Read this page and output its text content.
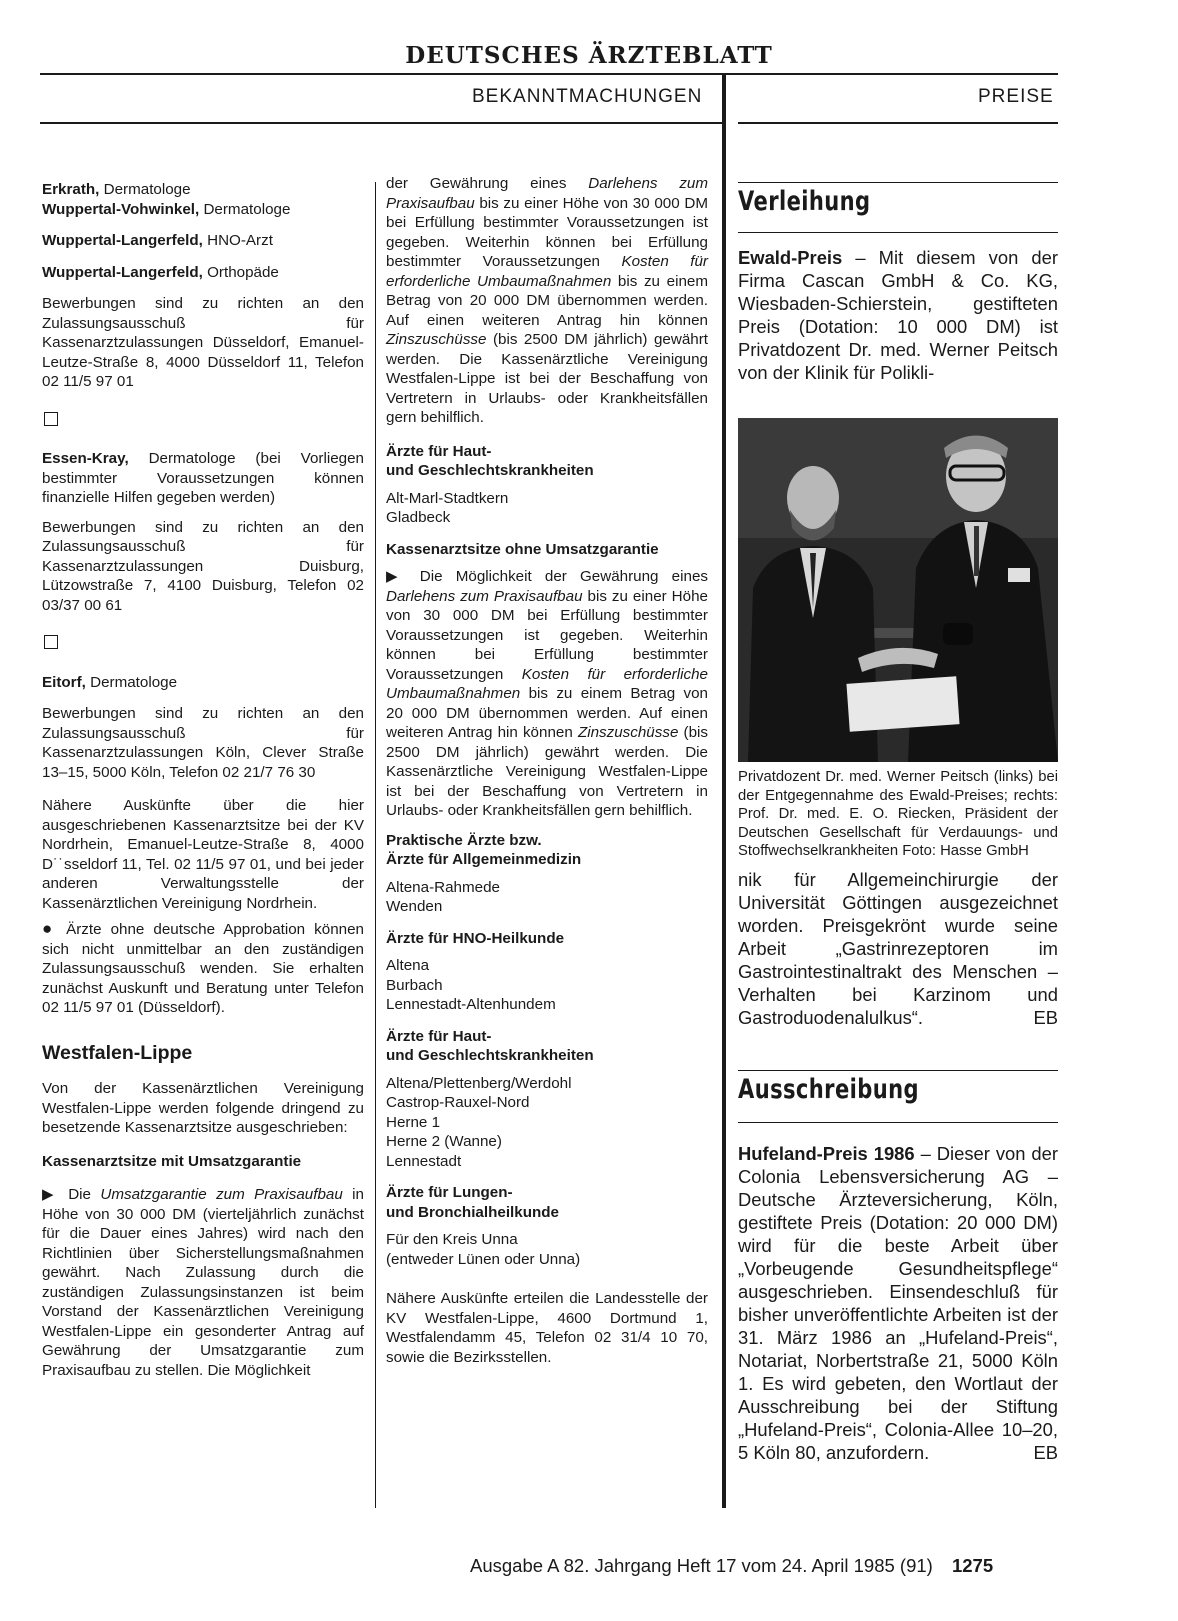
DEUTSCHES ÄRZTEBLATT
BEKANNTMACHUNGEN	PREISE

Erkrath, Dermatologe

Wuppertal-Vohwinkel, Dermatologe

Wuppertal-Langerfeld, HNO-Arzt

Wuppertal-Langerfeld, Orthopäde

Bewerbungen sind zu richten an den Zulassungsausschuß für Kassenarztzulassungen Düsseldorf, Emanuel-Leutze-Straße 8, 4000 Düsseldorf 11, Telefon 02 11/5 97 01

Essen-Kray, Dermatologe (bei Vorliegen bestimmter Voraussetzungen können finanzielle Hilfen gegeben werden)

Bewerbungen sind zu richten an den Zulassungsausschuß für Kassenarztzulassungen Duisburg, Lützowstraße 7, 4100 Duisburg, Telefon 02 03/37 00 61

Eitorf, Dermatologe

Bewerbungen sind zu richten an den Zulassungsausschuß für Kassenarztzulassungen Köln, Clever Straße 13–15, 5000 Köln, Telefon 02 21/7 76 30

Nähere Auskünfte über die hier ausgeschriebenen Kassenarztsitze bei der KV Nordrhein, Emanuel-Leutze-Straße 8, 4000 D˙˙sseldorf 11, Tel. 02 11/5 97 01, und bei jeder anderen Verwaltungsstelle der Kassenärztlichen Vereinigung Nordrhein.

● Ärzte ohne deutsche Approbation können sich nicht unmittelbar an den zuständigen Zulassungsausschuß wenden. Sie erhalten zunächst Auskunft und Beratung unter Telefon 02 11/5 97 01 (Düsseldorf).

Westfalen-Lippe

Von der Kassenärztlichen Vereinigung Westfalen-Lippe werden folgende dringend zu besetzende Kassenarztsitze ausgeschrieben:

Kassenarztsitze mit Umsatzgarantie

▶ Die Umsatzgarantie zum Praxisaufbau in Höhe von 30 000 DM (vierteljährlich zunächst für die Dauer eines Jahres) wird nach den Richtlinien über Sicherstellungsmaßnahmen gewährt. Nach Zulassung durch die zuständigen Zulassungsinstanzen ist beim Vorstand der Kassenärztlichen Vereinigung Westfalen-Lippe ein gesonderter Antrag auf Gewährung der Umsatzgarantie zum Praxisaufbau zu stellen. Die Möglichkeit

der Gewährung eines Darlehens zum Praxisaufbau bis zu einer Höhe von 30 000 DM bei Erfüllung bestimmter Voraussetzungen ist gegeben. Weiterhin können bei Erfüllung bestimmter Voraussetzungen Kosten für erforderliche Umbaumaßnahmen bis zu einem Betrag von 20 000 DM übernommen werden. Auf einen weiteren Antrag hin können Zinszuschüsse (bis 2500 DM jährlich) gewährt werden. Die Kassenärztliche Vereinigung Westfalen-Lippe ist bei der Beschaffung von Vertretern in Urlaubs- oder Krankheitsfällen gern behilflich.

Ärzte für Haut-
und Geschlechtskrankheiten

Alt-Marl-Stadtkern

Gladbeck

Kassenarztsitze ohne Umsatzgarantie

▶ Die Möglichkeit der Gewährung eines Darlehens zum Praxisaufbau bis zu einer Höhe von 30 000 DM bei Erfüllung bestimmter Voraussetzungen ist gegeben. Weiterhin können bei Erfüllung bestimmter Voraussetzungen Kosten für erforderliche Umbaumaßnahmen bis zu einem Betrag von 20 000 DM übernommen werden. Auf einen weiteren Antrag hin können Zinszuschüsse (bis 2500 DM jährlich) gewährt werden. Die Kassenärztliche Vereinigung Westfalen-Lippe ist bei der Beschaffung von Vertretern in Urlaubs- oder Krankheitsfällen gern behilflich.

Praktische Ärzte bzw.
Ärzte für Allgemeinmedizin

Altena-Rahmede

Wenden

Ärzte für HNO-Heilkunde

Altena

Burbach

Lennestadt-Altenhundem

Ärzte für Haut-
und Geschlechtskrankheiten

Altena/Plettenberg/Werdohl

Castrop-Rauxel-Nord

Herne 1

Herne 2 (Wanne)

Lennestadt

Ärzte für Lungen-
und Bronchialheilkunde

Für den Kreis Unna

(entweder Lünen oder Unna)

Nähere Auskünfte erteilen die Landesstelle der KV Westfalen-Lippe, 4600 Dortmund 1, Westfalendamm 45, Telefon 02 31/4 10 70, sowie die Bezirksstellen.

Verleihung

Ewald-Preis – Mit diesem von der Firma Cascan GmbH & Co. KG, Wiesbaden-Schierstein, gestifteten Preis (Dotation: 10 000 DM) ist Privatdozent Dr. med. Werner Peitsch von der Klinik für Polikli-

Privatdozent Dr. med. Werner Peitsch (links) bei der Entgegennahme des Ewald-Preises; rechts: Prof. Dr. med. E. O. Riecken, Präsident der Deutschen Gesellschaft für Verdauungs- und Stoffwechselkrankheiten Foto: Hasse GmbH

nik für Allgemeinchirurgie der Universität Göttingen ausgezeichnet worden. Preisgekrönt wurde seine Arbeit „Gastrinrezeptoren im Gastrointestinaltrakt des Menschen – Verhalten bei Karzinom und Gastroduodenalulkus“.	EB

Ausschreibung

Hufeland-Preis 1986 – Dieser von der Colonia Lebensversicherung AG – Deutsche Ärzteversicherung, Köln, gestiftete Preis (Dotation: 20 000 DM) wird für die beste Arbeit über „Vorbeugende Gesundheitspflege“ ausgeschrieben. Einsendeschluß für bisher unveröffentlichte Arbeiten ist der 31. März 1986 an „Hufeland-Preis“, Notariat, Norbertstraße 21, 5000 Köln 1. Es wird gebeten, den Wortlaut der Ausschreibung bei der Stiftung „Hufeland-Preis“, Colonia-Allee 10–20, 5 Köln 80, anzufordern.	EB

Ausgabe A 82. Jahrgang Heft 17 vom 24. April 1985 (91) 1275
